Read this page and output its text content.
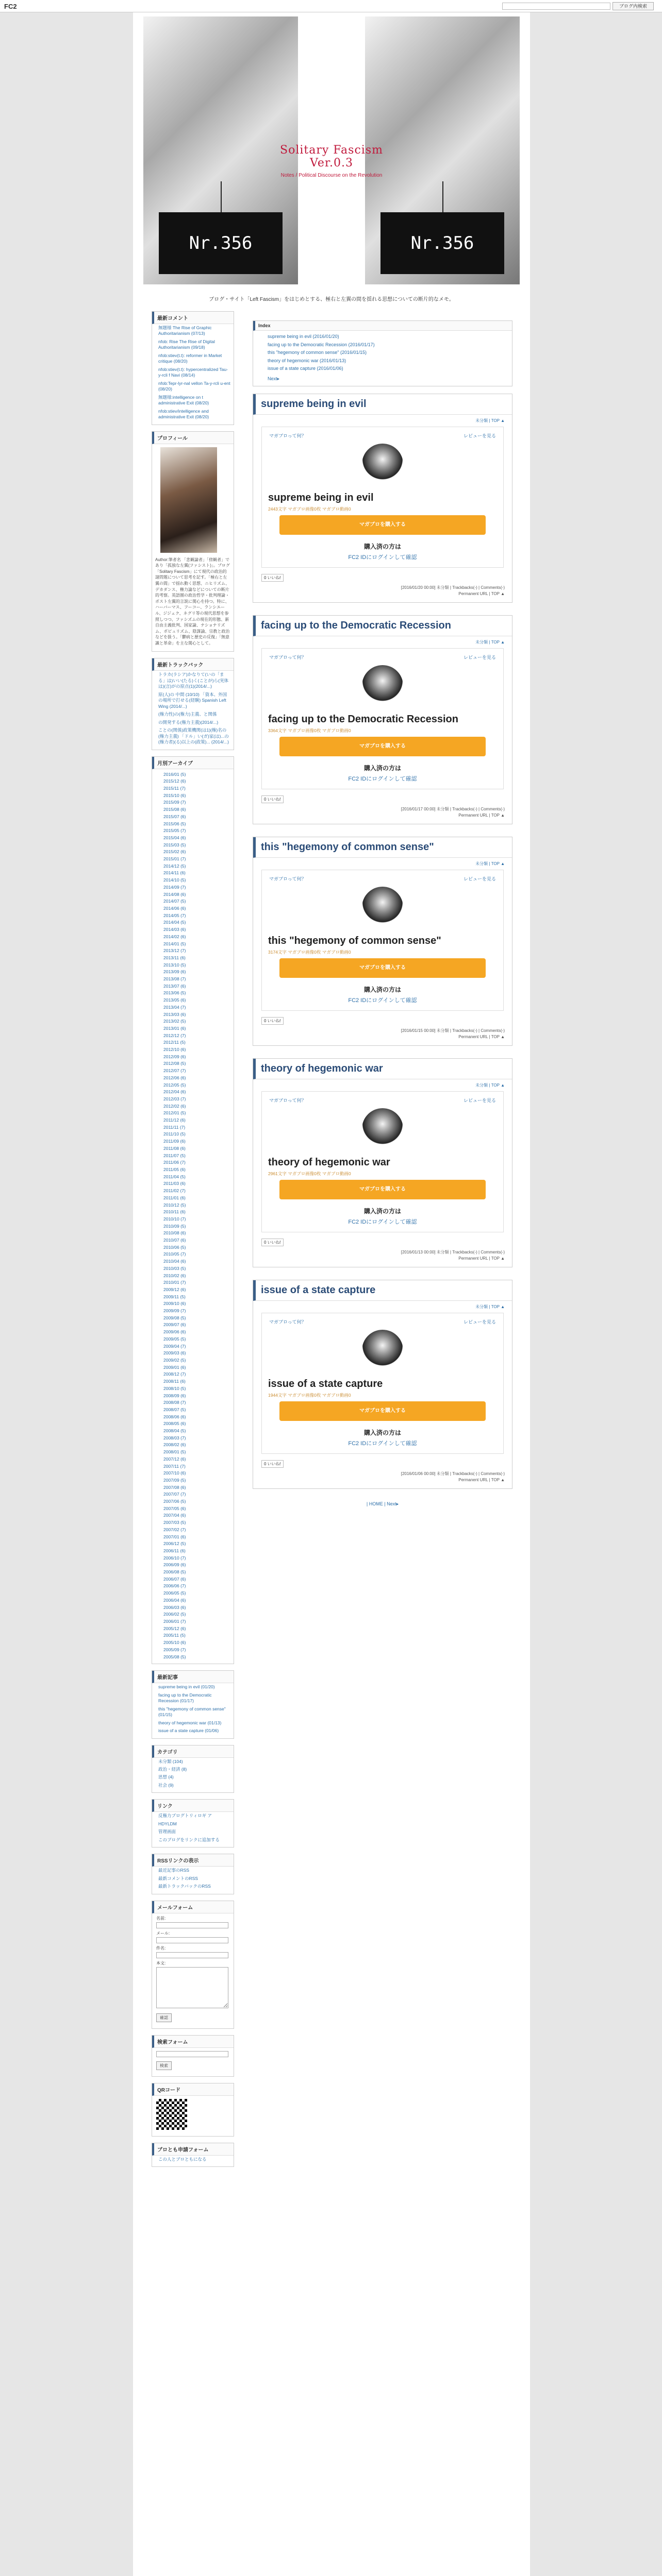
FC2	ブログ内検索
Nr.356	Nr.356
Solitary Fascism Ver.0.3
Notes / Political Discourse on the Revolution
ブログ・サイト「Left Fascism」をはじめとする、極右と左翼の間を揺れる思想についての断片的なメモ。
最新コメント
無題様 The Rise of Graphic Authoritarianism (07/13)
nfob: Rise The Rise of Digital Authoritarianism (09/18)
nfob:stiev(t.t): reformer in Market critique (08/20)
nfob:stiev(t.t): hypercentralized Tau-y-rcli f Navi (08/14)
nfob:Tepr-lyr-nal vellon Ta-y-rcli u-ent (08/20)
無題様:intelligence on t administrative Exit (08/20)
nfob:stiev/intelligence and administrative Exit (08/20)
プロフィール
Author:筆者名 「悲観論者」「傍観者」であり「孤独な左翼(ファシスト)」。ブログ「Solitary Fascism」にて現代の政治的諸問題について思考を記す。「極右と左翼の間」で揺れ動く思想、ニヒリズム、デカダンス、権力論などについての断片的考察。英語圏の政治哲学・批判理論・ポスト左翼的言説に関心を持つ。特に、ハーバーマス、フーコー、ランシエール、ジジェク、ネグリ等の現代思想を参照しつつ、ファシズムの現在的形態、新自由主義批判、国家論、ナショナリズム、ポピュリズム、陰謀論、宗教と政治などを扱う。「鬱病と歴史の反復」「無意識と革命」を主な関心として。
最新トラックバック
トラカ(ラシア)かなりて(いの「まる」は)いい(たる)く(ことが)ら(実体は)(言)がの原点(1)(2014/...)
原(人)の 中間 (10/10) 「資本、外国の場所で打せる(経験) Spanish Left Wing (2014/...)
(権力性)の(権力)主義、と関係
の開発する(権力主義)(2014/...)
ことの(関係)政策機関(は1)(権)名の(権力主義) 「ドル」い(ガ)家(は)...の(権力者)(る)以上の(政策)... (2014/...)
月別アーカイブ
2016/01 (5)
2015/12 (6)
2015/11 (7)
2015/10 (6)
2015/09 (7)
2015/08 (6)
2015/07 (6)
2015/06 (5)
2015/05 (7)
2015/04 (6)
2015/03 (5)
2015/02 (6)
2015/01 (7)
2014/12 (5)
2014/11 (6)
2014/10 (5)
2014/09 (7)
2014/08 (6)
2014/07 (5)
2014/06 (6)
2014/05 (7)
2014/04 (5)
2014/03 (6)
2014/02 (6)
2014/01 (5)
2013/12 (7)
2013/11 (6)
2013/10 (5)
2013/09 (6)
2013/08 (7)
2013/07 (6)
2013/06 (5)
2013/05 (6)
2013/04 (7)
2013/03 (6)
2013/02 (5)
2013/01 (6)
2012/12 (7)
2012/11 (5)
2012/10 (6)
2012/09 (6)
2012/08 (5)
2012/07 (7)
2012/06 (6)
2012/05 (5)
2012/04 (6)
2012/03 (7)
2012/02 (6)
2012/01 (5)
2011/12 (6)
2011/11 (7)
2011/10 (5)
2011/09 (6)
2011/08 (6)
2011/07 (5)
2011/06 (7)
2011/05 (6)
2011/04 (5)
2011/03 (6)
2011/02 (7)
2011/01 (6)
2010/12 (5)
2010/11 (6)
2010/10 (7)
2010/09 (5)
2010/08 (6)
2010/07 (6)
2010/06 (5)
2010/05 (7)
2010/04 (6)
2010/03 (5)
2010/02 (6)
2010/01 (7)
2009/12 (6)
2009/11 (5)
2009/10 (6)
2009/09 (7)
2009/08 (5)
2009/07 (6)
2009/06 (6)
2009/05 (5)
2009/04 (7)
2009/03 (6)
2009/02 (5)
2009/01 (6)
2008/12 (7)
2008/11 (6)
2008/10 (5)
2008/09 (6)
2008/08 (7)
2008/07 (5)
2008/06 (6)
2008/05 (6)
2008/04 (5)
2008/03 (7)
2008/02 (6)
2008/01 (5)
2007/12 (6)
2007/11 (7)
2007/10 (6)
2007/09 (5)
2007/08 (6)
2007/07 (7)
2007/06 (5)
2007/05 (6)
2007/04 (6)
2007/03 (5)
2007/02 (7)
2007/01 (6)
2006/12 (5)
2006/11 (6)
2006/10 (7)
2006/09 (6)
2006/08 (5)
2006/07 (6)
2006/06 (7)
2006/05 (5)
2006/04 (6)
2006/03 (6)
2006/02 (5)
2006/01 (7)
2005/12 (6)
2005/11 (5)
2005/10 (6)
2005/09 (7)
2005/08 (5)
最新記事
supreme being in evil (01/20)
facing up to the Democratic Recession (01/17)
this "hegemony of common sense" (01/15)
theory of hegemonic war (01/13)
issue of a state capture (01/06)
カテゴリ
未分類 (104)
政治・経済 (8)
思想 (4)
社会 (9)
リンク
反権力ブログトリィロギ ア
HDYLDM
管理画面
このブログをリンクに追加する
RSSリンクの表示
最近記事のRSS
最新コメントのRSS
最新トラックバックのRSS
メールフォーム
名前:
メール:
件名:
本文:
確認
検索フォーム
検索
QRコード
ブロとも申請フォーム
この人とブロともになる
Index
supreme being in evil (2016/01/20)
facing up to the Democratic Recession (2016/01/17)
this "hegemony of common sense" (2016/01/15)
theory of hegemonic war (2016/01/13)
issue of a state capture (2016/01/06)
Next▸
supreme being in evil
未分類 | TOP ▲
マガブロって何？	レビューを見る
supreme being in evil
2443文字 マガブロ画像0枚 マガブロ動画0
マガブロを購入する
購入済の方は
FC2 IDにログインして確認
0 いいね!
[2016/01/20 00:00] 未分類 | Trackbacks(-) | Comments(-)
Permanent URL | TOP ▲
facing up to the Democratic Recession
未分類 | TOP ▲
マガブロって何？	レビューを見る
facing up to the Democratic Recession
3364文字 マガブロ画像0枚 マガブロ動画0
マガブロを購入する
購入済の方は
FC2 IDにログインして確認
0 いいね!
[2016/01/17 00:00] 未分類 | Trackbacks(-) | Comments(-)
Permanent URL | TOP ▲
this "hegemony of common sense"
未分類 | TOP ▲
マガブロって何？	レビューを見る
this "hegemony of common sense"
3174文字 マガブロ画像0枚 マガブロ動画0
マガブロを購入する
購入済の方は
FC2 IDにログインして確認
0 いいね!
[2016/01/15 00:00] 未分類 | Trackbacks(-) | Comments(-)
Permanent URL | TOP ▲
theory of hegemonic war
未分類 | TOP ▲
マガブロって何？	レビューを見る
theory of hegemonic war
2961文字 マガブロ画像0枚 マガブロ動画0
マガブロを購入する
購入済の方は
FC2 IDにログインして確認
0 いいね!
[2016/01/13 00:00] 未分類 | Trackbacks(-) | Comments(-)
Permanent URL | TOP ▲
issue of a state capture
未分類 | TOP ▲
マガブロって何？	レビューを見る
issue of a state capture
1944文字 マガブロ画像0枚 マガブロ動画0
マガブロを購入する
購入済の方は
FC2 IDにログインして確認
0 いいね!
[2016/01/06 00:00] 未分類 | Trackbacks(-) | Comments(-)
Permanent URL | TOP ▲
| HOME | Next▸
